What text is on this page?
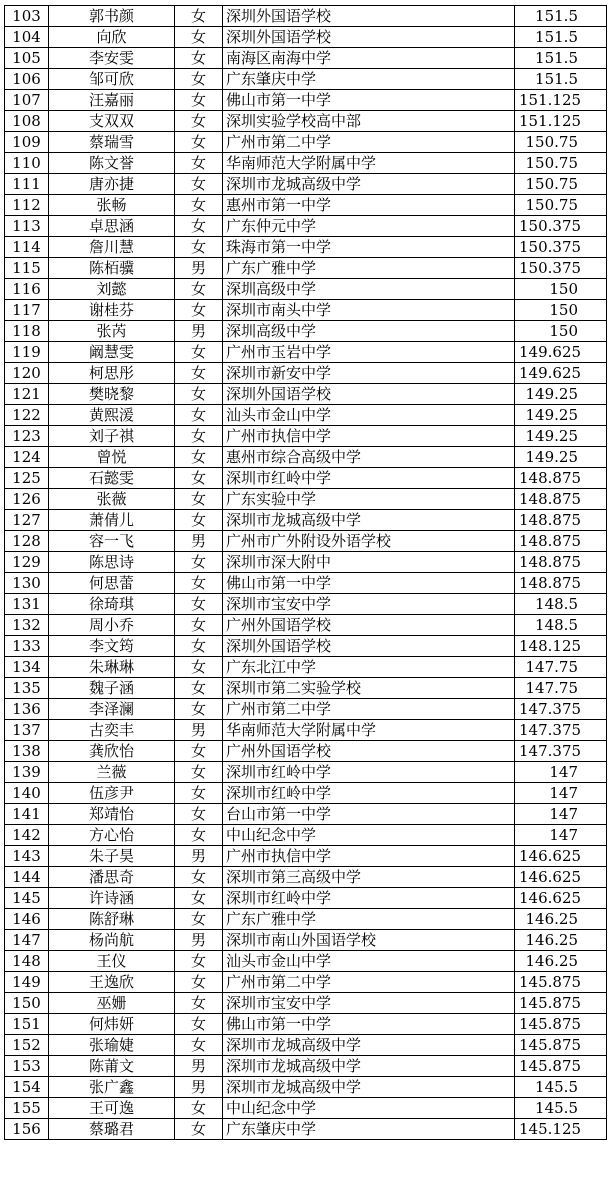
103	郭书颜	女	深圳外国语学校	151.5
104	向欣	女	深圳外国语学校	151.5
105	李安雯	女	南海区南海中学	151.5
106	邹可欣	女	广东肇庆中学	151.5
107	汪嘉丽	女	佛山市第一中学	151.125
108	支双双	女	深圳实验学校高中部	151.125
109	蔡瑞雪	女	广州市第二中学	150.75
110	陈文誉	女	华南师范大学附属中学	150.75
111	唐亦捷	女	深圳市龙城高级中学	150.75
112	张畅	女	惠州市第一中学	150.75
113	卓思涵	女	广东仲元中学	150.375
114	詹川慧	女	珠海市第一中学	150.375
115	陈栢骥	男	广东广雅中学	150.375
116	刘懿	女	深圳高级中学	150
117	谢桂芬	女	深圳市南头中学	150
118	张芮	男	深圳高级中学	150
119	阚慧雯	女	广州市玉岩中学	149.625
120	柯思彤	女	深圳市新安中学	149.625
121	樊晓黎	女	深圳外国语学校	149.25
122	黄熙湲	女	汕头市金山中学	149.25
123	刘子祺	女	广州市执信中学	149.25
124	曾悦	女	惠州市综合高级中学	149.25
125	石懿雯	女	深圳市红岭中学	148.875
126	张薇	女	广东实验中学	148.875
127	萧倩儿	女	深圳市龙城高级中学	148.875
128	容一飞	男	广州市广外附设外语学校	148.875
129	陈思诗	女	深圳市深大附中	148.875
130	何思蕾	女	佛山市第一中学	148.875
131	徐琦琪	女	深圳市宝安中学	148.5
132	周小乔	女	广州外国语学校	148.5
133	李文筠	女	深圳外国语学校	148.125
134	朱琳琳	女	广东北江中学	147.75
135	魏子涵	女	深圳市第二实验学校	147.75
136	李泽澜	女	广州市第二中学	147.375
137	古奕丰	男	华南师范大学附属中学	147.375
138	龚欣怡	女	广州外国语学校	147.375
139	兰薇	女	深圳市红岭中学	147
140	伍彦尹	女	深圳市红岭中学	147
141	郑靖怡	女	台山市第一中学	147
142	方心怡	女	中山纪念中学	147
143	朱子昊	男	广州市执信中学	146.625
144	潘思奇	女	深圳市第三高级中学	146.625
145	许诗涵	女	深圳市红岭中学	146.625
146	陈舒琳	女	广东广雅中学	146.25
147	杨尚航	男	深圳市南山外国语学校	146.25
148	王仪	女	汕头市金山中学	146.25
149	王逸欣	女	广州市第二中学	145.875
150	巫姗	女	深圳市宝安中学	145.875
151	何炜妍	女	佛山市第一中学	145.875
152	张瑜婕	女	深圳市龙城高级中学	145.875
153	陈莆文	男	深圳市龙城高级中学	145.875
154	张广鑫	男	深圳市龙城高级中学	145.5
155	王可逸	女	中山纪念中学	145.5
156	蔡璐君	女	广东肇庆中学	145.125
